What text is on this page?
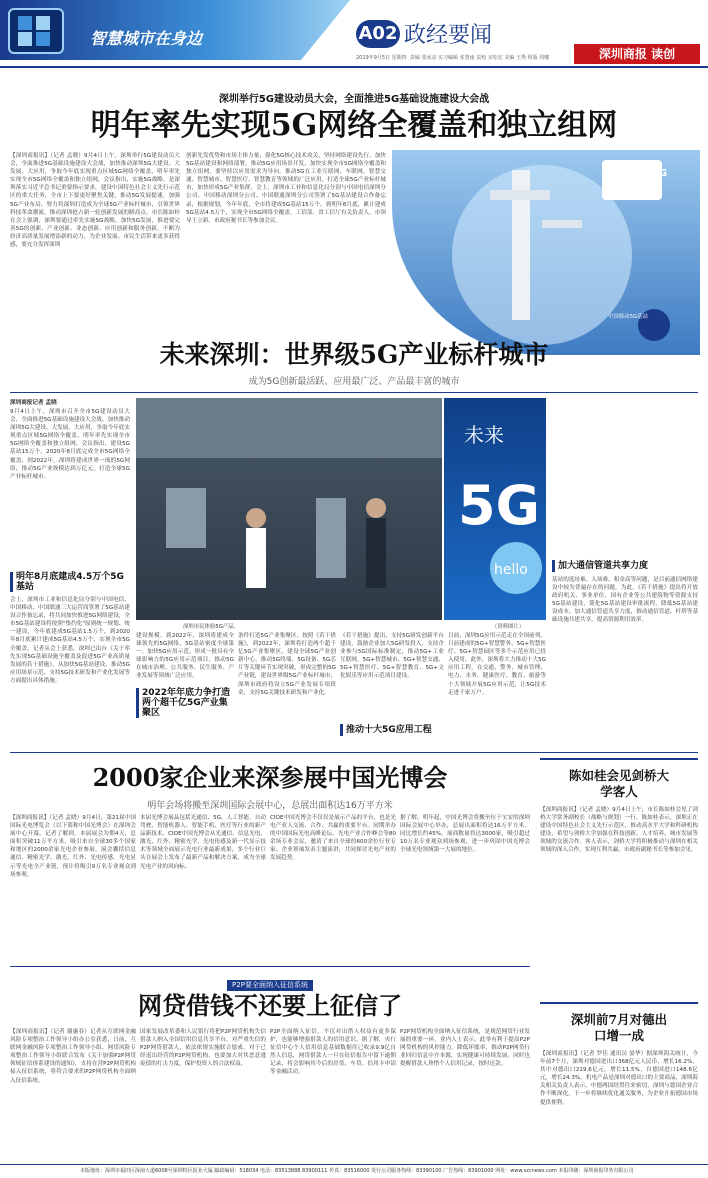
智慧城市在身边	A02 政经要闻
2019年9月5日 星期四 责编 张承彦 实习编辑 张慧南 责校 宋松宏 美编 王秀 组版 周娜	深圳商报 读创
深圳举行5G建设动员大会，全面推进5G基础设施建设大会战
明年率先实现5G网络全覆盖和独立组网
【深圳商报讯】（记者 孟晓）9月4日上午，深圳举行5G建设动员大会，全面推进5G基础设施建设大会战，加快推动深圳5G大建设、大发展、大应用，争取今年底实现重点区域5G网络全覆盖，明年率先实现全市5G网络全覆盖和独立组网，会议指出，实施5G战略，是深圳落实习近平总书记重要指示要求，建设中国特色社会主义先行示范区的重大任务，全市上下要更好聚焦关键，推动5G发展提速，加强5G产业布局，努力将深圳打造成为全球5G产业标杆城市，引领世界科技革命潮流，推动深圳抢占新一轮创新发展的制高点。市长陈如桂在会上强调，深圳要通过率先实施5G战略，加快5G发展，推进要完善5G的创新、产业创新、业态创新、应用创新和服务创新，不断为经济高质量发展增添新的动力，为企业发展、市民生活带来更多获得感，要充分发挥深圳
创新先发优势和市场主体力量，强化5G核心技术攻关，坚持网络建设先行，加快5G基站建设和网络部署，推动5G应用场景开发，加快实现全市5G网络全覆盖和独立组网。要坚持以应用需求为导向，推动5G在工业互联网、车联网、智慧交通、智慧城市、智慧医疗、智慧教育等领域的广泛应用，打造全球5G产业标杆城市，加快形成5G产业集群，会上，深圳市工业和信息化局分别与中国电信深圳分公司、中国移动深圳分公司、中国联通深圳分公司签署了5G基站建设合作备忘录，根据规划，今年年底，全市将建成5G基站15万个，到明年8月底，累计建成5G基站4.5万个，实现全市5G网络全覆盖。工信部、省工信厅有关负责人，市领导王立新、市政府秘书长等参加会议。
5G
中国移动5G基站
未来深圳：世界级5G产业标杆城市
成为5G创新最活跃、应用最广泛、产品最丰富的城市
深圳商报记者 孟晓
9月4日上午，深圳市召开全市5G建设动员大会，全面推进5G基础设施建设大会战，加快推动深圳5G大建设、大发展、大应用，争取今年底实现重点区域5G网络全覆盖，明年率先实现全市5G网络全覆盖和独立组网。会议指出，建设5G基站15万个，2020年8月底完成全市5G网络全覆盖，到2022年，深圳将建成世界一流的5G网络，推动5G产业规模达到万亿元，打造全球5G产业标杆城市。
明年8月底建成4.5万个5G基站
会上，深圳市工业和信息化局分别与中国电信、中国移动、中国联通三大运营商签署了5G基站建设合作备忘录，将共同加快推进5G网络建设，全市5G基站建设将按照"集约化"原则统一规划、统一建设，今年底建成5G基站1.5万个，到2020年8月底累计建成5G基站4.5万个，实现全市5G全覆盖。记者从会上获悉，深圳已出台《关于率先实现5G基础设施全覆盖及促进5G产业高质量发展的若干措施》，从加快5G基站建设、推动5G应用场景示范、支持5G技术研发和产业化发展等方面提出具体措施。
深圳市民体验5G产品。
未来
5G
hello
（资料图片）
建设规模。到2022年，深圳将建成全球领先的5G网络，5G基站密度全球第一，加快5G应用示范，形成一批具有全球影响力的5G应用示范项目，推动5G在城市治理、公共服务、民生服务、产业发展等领域广泛应用。
2022年年底力争打造两个超千亿5G产业集聚区
条件打造5G产业集聚区。按照《若干措施》，到2022年，深圳将打造两个超千亿5G产业集聚区，建设全球5G产业创新中心，推动5G终端、5G设备、5G芯片等关键环节实现突破，形成完整的5G产业链，建设世界级5G产业标杆城市，深圳市政府将设立5G产业发展专项资金，支持5G关键技术研发和产业化。
《若干措施》提出，支持5G研发创新平台建设，鼓励企业加大5G研发投入，支持企业参与5G国际标准制定，推动5G+工业互联网、5G+智慧城市、5G+智慧交通、5G+智慧医疗、5G+智慧教育、5G+文化娱乐等应用示范项目建设。
推动十大5G应用工程
目前，深圳5G应用示范走在全国前列。日前建成的5G+智慧警务、5G+智慧医疗、5G+智慧园区等多个示范应用已投入使用。此外，深圳将大力推动十大5G应用工程，在交通、警务、城市管理、电力、水务、健康医疗、教育、旅游等十大领域开展5G应用示范，让5G技术走进千家万户。
加大通信管道共享力度
基站的选址难、入场难、租金高等问题，是目前通信网络建设中较为普遍存在的问题。为此，《若干措施》提出将开放政府机关、事业单位、国有企业等公共建筑物等资源支持5G基站建设，简化5G基站建设审批流程，降低5G基站建设成本。加大通信管道共享力度，推动通信管道、杆塔等基础设施共建共享，提高资源利用效率。
2000家企业来深参展中国光博会
明年会场将搬至深圳国际会展中心，总展出面积达16万平方米
【深圳商报讯】（记者 孟晓）9月4日，第21届中国国际光电博览会（以下简称中国光博会）在深圳会展中心开幕。记者了解到，本届展会为期4天，总面积突破11万平方米，吸引来自全球30多个国家和地区的2000余家光电企业参展，展会囊括信息通信、精密光学、激光、红外、光电传感、光电显示等光电全产业链，预计将吸引9万名专业观众到场参观。
本届光博会展品包括光通信、5G、人工智能、自动驾驶、智能机器人、智能手机、医疗等行业的新产品新技术。CIOE中国光博会从光通信、信息光电、激光、红外、精密光学、光电传感及新一代显示技术等领域全面展示光电行业最新成果，多个行业巨头在展会上发布了最新产品和解决方案，成为全球光电产业的风向标。
CIOE中国光博会不仅仅是展示产品的平台，也是光电产业人交流、合作、共赢的重要平台。同期举办的中国国际光电高峰论坛、光电产业合作峰会等80余场专业会议，邀请了来自全球的600余位行业专家、企业领袖发表主题演讲，共同探讨光电产业的发展趋势。
据了解，明年起，中国光博会将搬至位于宝安的深圳国际会展中心举办，总展出面积将达16万平方米，同比增长约45%，展商数量将达3000家，吸引超过10万名专业观众到场参观，进一步巩固中国光博会全球光电领域第一大展的地位。
陈如桂会见剑桥大学客人
【深圳商报讯】（记者 孟晓）9月4日上午，市长陈如桂会见了剑桥大学常务副校长（战略与规划）一行。陈如桂表示，深圳正在建设中国特色社会主义先行示范区，推动高水平大学和科研机构建设，希望与剑桥大学加强在科技创新、人才培养、城市发展等领域的交流合作。客人表示，剑桥大学将积极推动与深圳在相关领域的深入合作，实现互利共赢。市政府副秘书长等参加会见。
深圳前7月对德出口增一成
【深圳商报讯】（记者 罗佳 通讯员 晏华）据深圳海关统计，今年前7个月，深圳对德国进出口368亿元人民币，增长16.2%，其中对德出口219.6亿元，增长11.5%，自德国进口148.6亿元，增长24.3%。机电产品是深圳对德出口的主要商品，深圳海关相关负责人表示，中德两国经贸往来密切，深圳与德国企业合作不断深化，下一步将继续优化通关服务，为企业开拓德国市场提供便利。
P2P要全面纳入征信系统
网贷借钱不还要上征信了
【深圳商报讯】（记者 谢惠春）记者从互联网金融风险专项整治工作领导小组办公室获悉，日前，互联网金融风险专项整治工作领导小组、网贷风险专项整治工作领导小组联合发布《关于加强P2P网贷领域征信体系建设的通知》，支持在营P2P网贷机构接入征信系统，将符合要求的P2P网贷机构全面纳入征信系统。
国家发展改革委和人民银行将把P2P网贷机构失信借款人纳入全国信用信息共享平台，对严重失信的P2P网贷借款人，依法依规实施联合惩戒。对于已经退出经营的P2P网贷机构，也要加大对其恶意逃废债的打击力度，保护投资人的合法权益。
P2P全面纳入征信，不仅对出借人权益有更多保护，也能够增强借款人的信用意识。据了解，央行征信中心个人信用信息基础数据库已收录9.9亿自然人信息，网贷借款人一旦在征信报告中留下逾期记录，将会影响其今后的房贷、车贷、信用卡申请等金融活动。
P2P网贷机构全面纳入征信系统，是规范网贷行业发展的重要一环。业内人士表示，此举有利于提高P2P网贷机构的风控能力，降低坏账率，推动P2P网贷行业回归信息中介本源，实现健康可持续发展。同时也提醒借款人珍惜个人信用记录，按时还款。
本版地址：深圳市福田区深南大道6008号深圳特区报业大厦 邮政编码：518034 电话：83513888 83900111 传真：83516000 发行公司服务热线：83390100 广告热线：83901000 网址：www.szcnews.com 本报印刷：深圳商报印务有限公司
